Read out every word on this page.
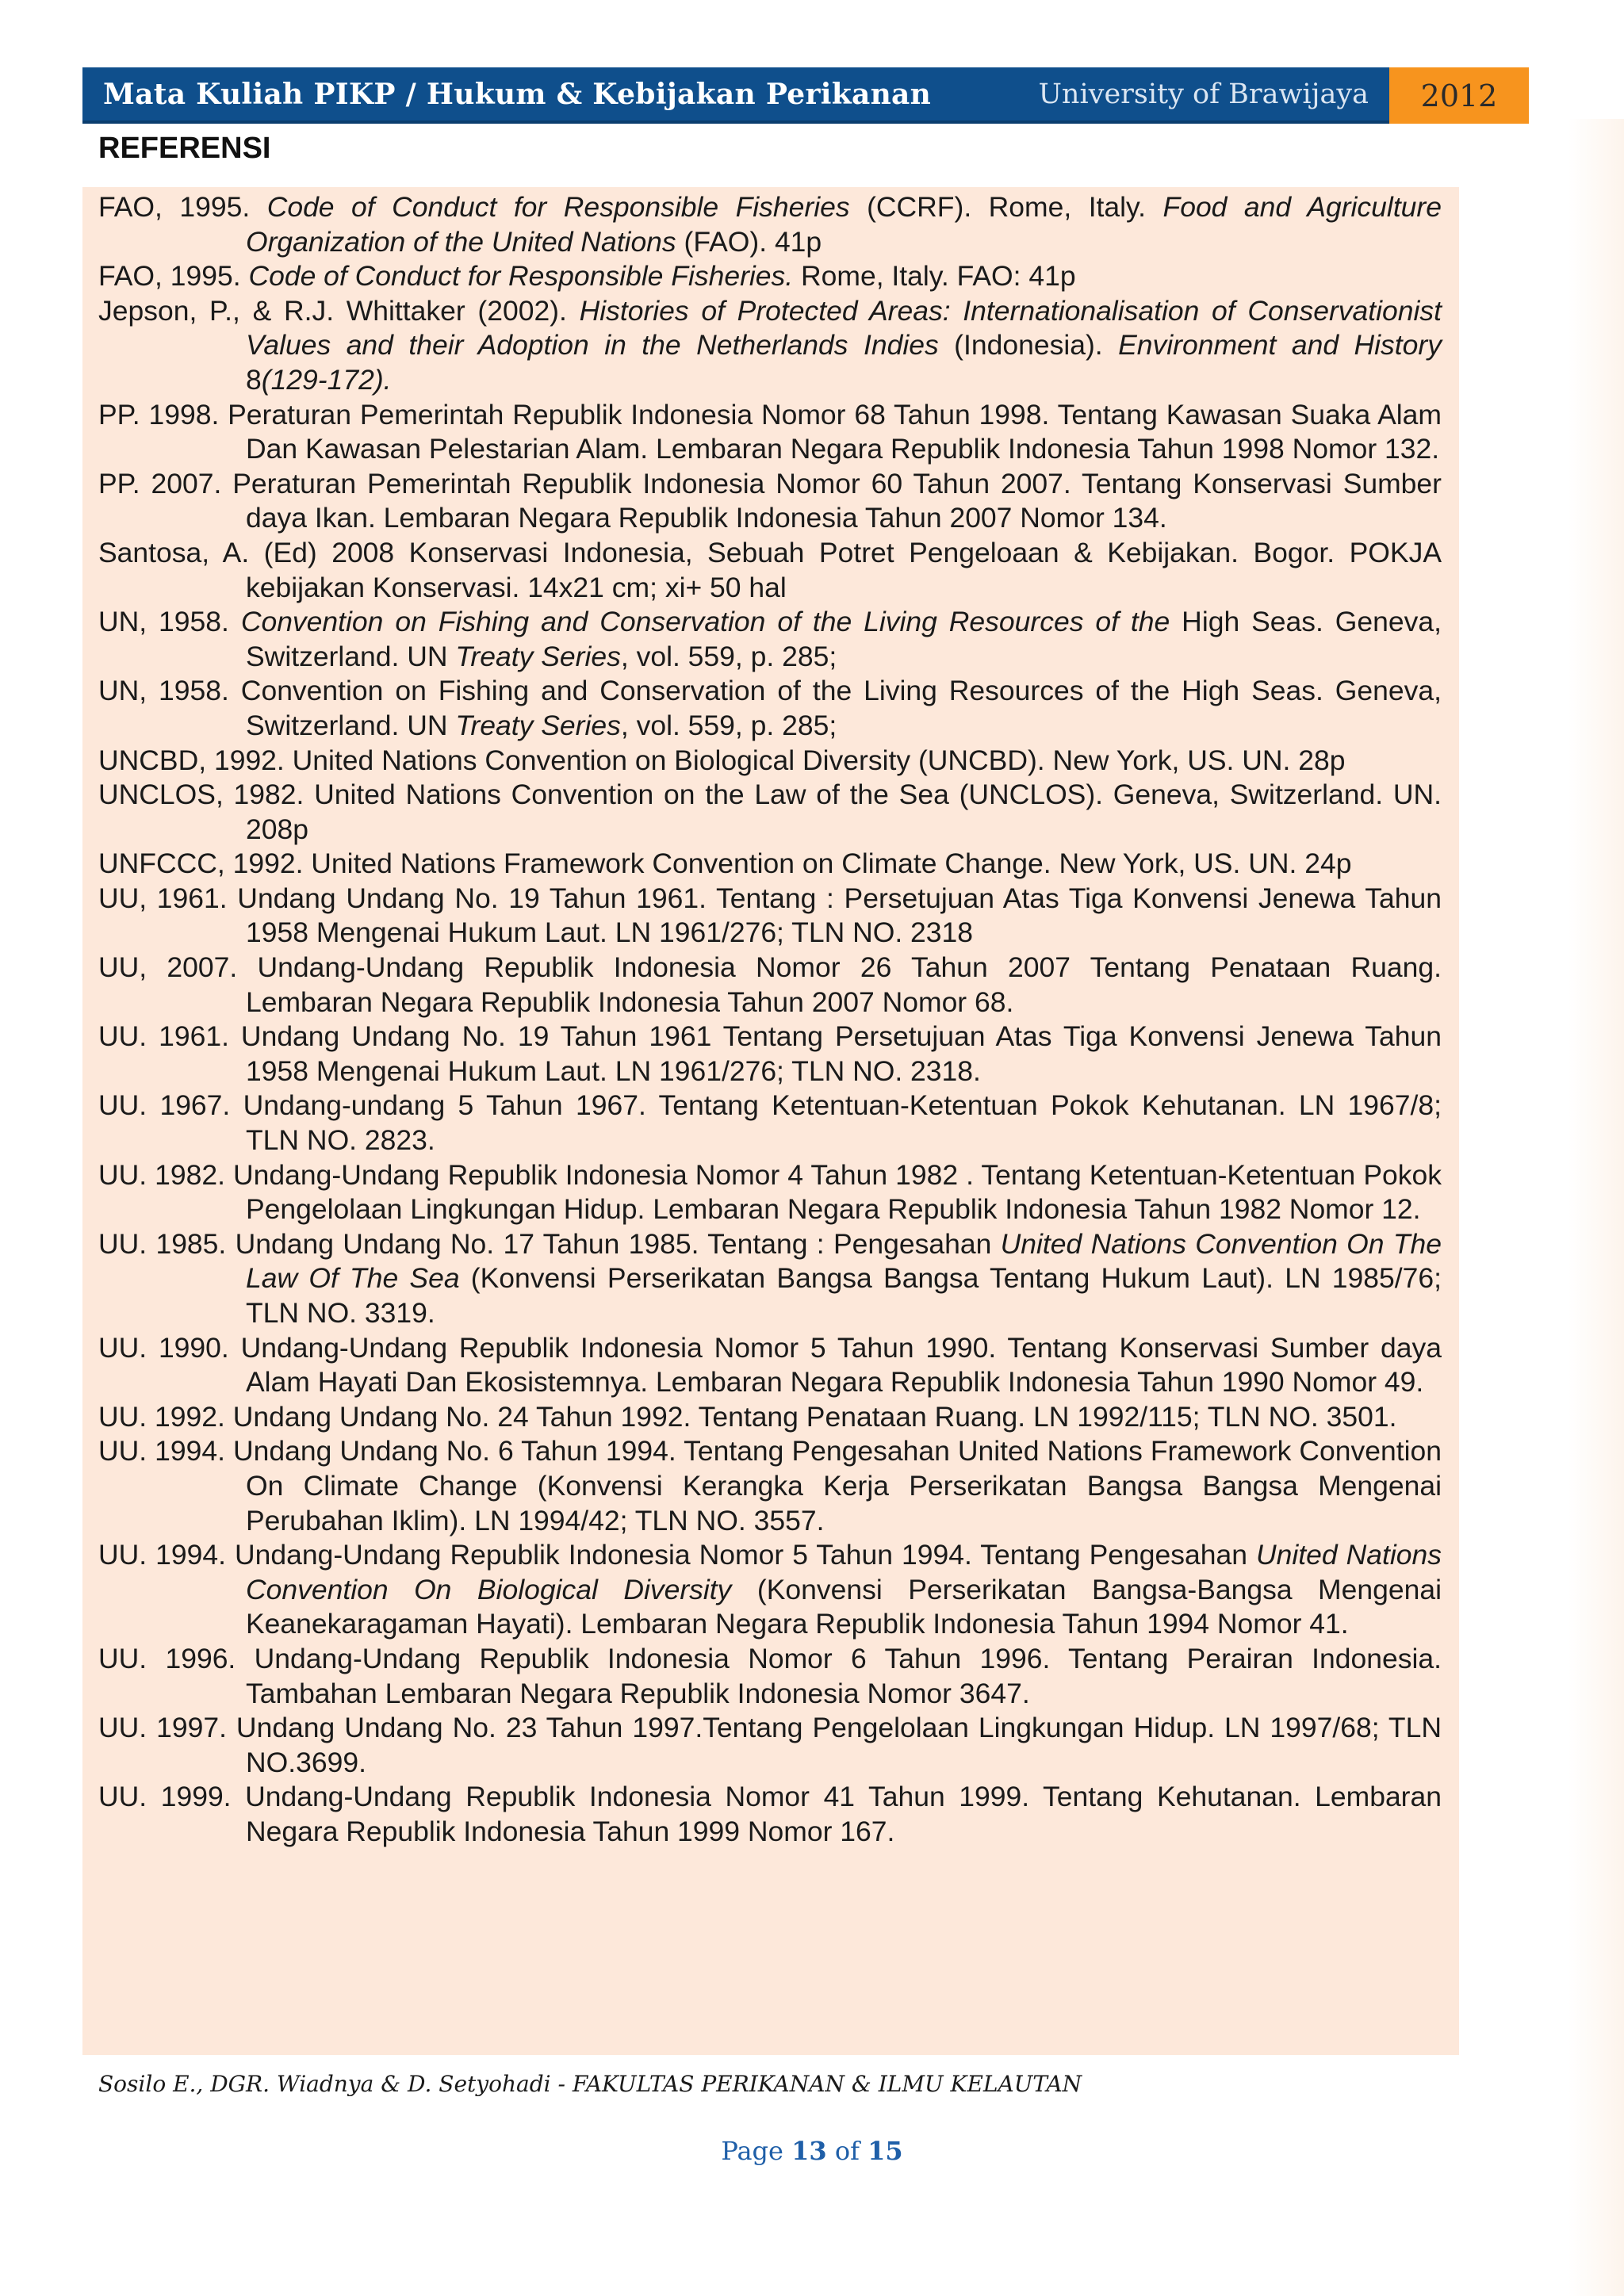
Mata Kuliah PIKP / Hukum & Kebijakan Perikanan	University of Brawijaya	2012
REFERENSI

FAO, 1995. Code of Conduct for Responsible Fisheries (CCRF). Rome, Italy. Food and Agriculture Organization of the United Nations (FAO). 41p

FAO, 1995. Code of Conduct for Responsible Fisheries. Rome, Italy. FAO: 41p

Jepson, P., & R.J. Whittaker (2002). Histories of Protected Areas: Internationalisation of Conservationist Values and their Adoption in the Netherlands Indies (Indonesia). Environment and History 8(129-172).

PP. 1998. Peraturan Pemerintah Republik Indonesia Nomor 68 Tahun 1998. Tentang Kawasan Suaka Alam Dan Kawasan Pelestarian Alam. Lembaran Negara Republik Indonesia Tahun 1998 Nomor 132.

PP. 2007. Peraturan Pemerintah Republik Indonesia Nomor 60 Tahun 2007. Tentang Konservasi Sumber daya Ikan. Lembaran Negara Republik Indonesia Tahun 2007 Nomor 134.

Santosa, A. (Ed) 2008 Konservasi Indonesia, Sebuah Potret Pengeloaan & Kebijakan. Bogor. POKJA kebijakan Konservasi. 14x21 cm; xi+ 50 hal

UN, 1958. Convention on Fishing and Conservation of the Living Resources of the High Seas. Geneva, Switzerland. UN Treaty Series, vol. 559, p. 285;

UN, 1958. Convention on Fishing and Conservation of the Living Resources of the High Seas. Geneva, Switzerland. UN Treaty Series, vol. 559, p. 285;

UNCBD, 1992. United Nations Convention on Biological Diversity (UNCBD). New York, US. UN. 28p

UNCLOS, 1982. United Nations Convention on the Law of the Sea (UNCLOS). Geneva, Switzerland. UN. 208p

UNFCCC, 1992. United Nations Framework Convention on Climate Change. New York, US. UN. 24p

UU, 1961. Undang Undang No. 19 Tahun 1961. Tentang : Persetujuan Atas Tiga Konvensi Jenewa Tahun 1958 Mengenai Hukum Laut. LN 1961/276; TLN NO. 2318

UU, 2007. Undang-Undang Republik Indonesia Nomor 26 Tahun 2007 Tentang Penataan Ruang. Lembaran Negara Republik Indonesia Tahun 2007 Nomor 68.

UU. 1961. Undang Undang No. 19 Tahun 1961 Tentang Persetujuan Atas Tiga Konvensi Jenewa Tahun 1958 Mengenai Hukum Laut. LN 1961/276; TLN NO. 2318.

UU. 1967. Undang-undang 5 Tahun 1967. Tentang Ketentuan-Ketentuan Pokok Kehutanan. LN 1967/8; TLN NO. 2823.

UU. 1982. Undang-Undang Republik Indonesia Nomor 4 Tahun 1982 . Tentang Ketentuan-Ketentuan Pokok Pengelolaan Lingkungan Hidup. Lembaran Negara Republik Indonesia Tahun 1982 Nomor 12.

UU. 1985. Undang Undang No. 17 Tahun 1985. Tentang : Pengesahan United Nations Convention On The Law Of The Sea (Konvensi Perserikatan Bangsa Bangsa Tentang Hukum Laut). LN 1985/76; TLN NO. 3319.

UU. 1990. Undang-Undang Republik Indonesia Nomor 5 Tahun 1990. Tentang Konservasi Sumber daya Alam Hayati Dan Ekosistemnya. Lembaran Negara Republik Indonesia Tahun 1990 Nomor 49.

UU. 1992. Undang Undang No. 24 Tahun 1992. Tentang Penataan Ruang. LN 1992/115; TLN NO. 3501.

UU. 1994. Undang Undang No. 6 Tahun 1994. Tentang Pengesahan United Nations Framework Convention On Climate Change (Konvensi Kerangka Kerja Perserikatan Bangsa Bangsa Mengenai Perubahan Iklim). LN 1994/42; TLN NO. 3557.

UU. 1994. Undang-Undang Republik Indonesia Nomor 5 Tahun 1994. Tentang Pengesahan United Nations Convention On Biological Diversity (Konvensi Perserikatan Bangsa-Bangsa Mengenai Keanekaragaman Hayati). Lembaran Negara Republik Indonesia Tahun 1994 Nomor 41.

UU. 1996. Undang-Undang Republik Indonesia Nomor 6 Tahun 1996. Tentang Perairan Indonesia. Tambahan Lembaran Negara Republik Indonesia Nomor 3647.

UU. 1997. Undang Undang No. 23 Tahun 1997.Tentang Pengelolaan Lingkungan Hidup. LN 1997/68; TLN NO.3699.

UU. 1999. Undang-Undang Republik Indonesia Nomor 41 Tahun 1999. Tentang Kehutanan. Lembaran Negara Republik Indonesia Tahun 1999 Nomor 167.

Sosilo E., DGR. Wiadnya & D. Setyohadi - FAKULTAS PERIKANAN & ILMU KELAUTAN
Page 13 of 15
